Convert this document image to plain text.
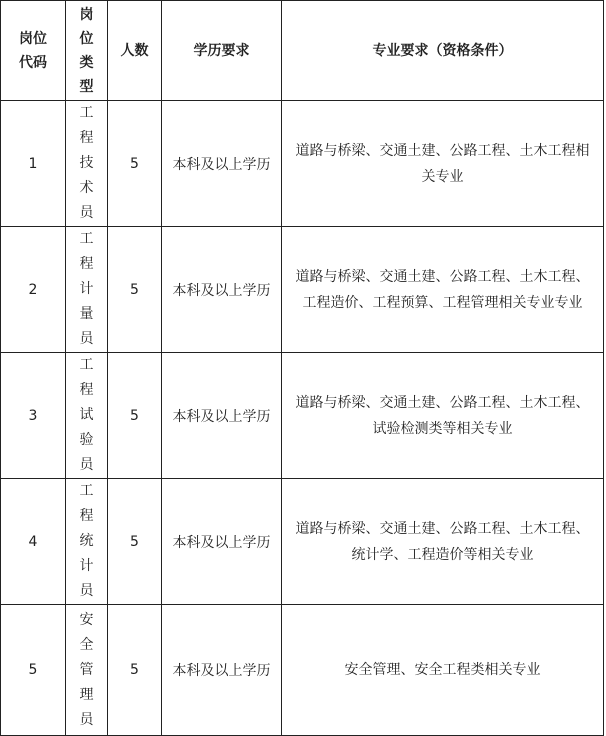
岗位代码	岗位类型	人数	学历要求	专业要求（资格条件）
1	工程技术员	5	本科及以上学历	道路与桥梁、交通土建、公路工程、土木工程相关专业
2	工程计量员	5	本科及以上学历	道路与桥梁、交通土建、公路工程、土木工程、工程造价、工程预算、工程管理相关专业专业
3	工程试验员	5	本科及以上学历	道路与桥梁、交通土建、公路工程、土木工程、试验检测类等相关专业
4	工程统计员	5	本科及以上学历	道路与桥梁、交通土建、公路工程、土木工程、统计学、工程造价等相关专业
5	安全管理员	5	本科及以上学历	安全管理、安全工程类相关专业
